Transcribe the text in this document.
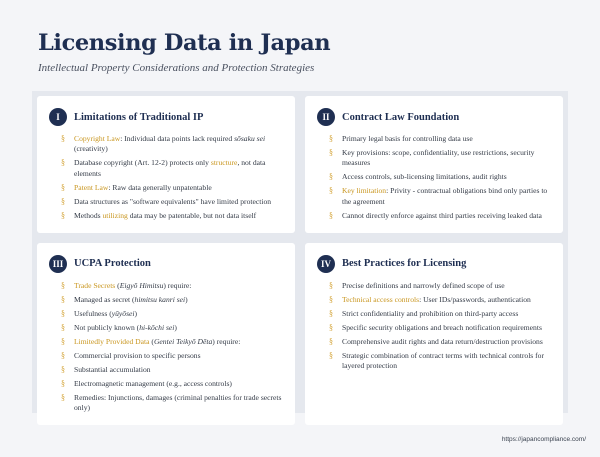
Licensing Data in Japan
Intellectual Property Considerations and Protection Strategies
I	Limitations of Traditional IP
§	Copyright Law: Individual data points lack required sōsaku sei (creativity)
§	Database copyright (Art. 12-2) protects only structure, not data elements
§	Patent Law: Raw data generally unpatentable
§	Data structures as "software equivalents" have limited protection
§	Methods utilizing data may be patentable, but not data itself
II	Contract Law Foundation
§	Primary legal basis for controlling data use
§	Key provisions: scope, confidentiality, use restrictions, security measures
§	Access controls, sub-licensing limitations, audit rights
§	Key limitation: Privity - contractual obligations bind only parties to the agreement
§	Cannot directly enforce against third parties receiving leaked data
III	UCPA Protection
§	Trade Secrets (Eigyō Himitsu) require:
§	Managed as secret (himitsu kanri sei)
§	Usefulness (yūyōsei)
§	Not publicly known (hi-kōchi sei)
§	Limitedly Provided Data (Gentei Teikyō Dēta) require:
§	Commercial provision to specific persons
§	Substantial accumulation
§	Electromagnetic management (e.g., access controls)
§	Remedies: Injunctions, damages (criminal penalties for trade secrets only)
IV	Best Practices for Licensing
§	Precise definitions and narrowly defined scope of use
§	Technical access controls: User IDs/passwords, authentication
§	Strict confidentiality and prohibition on third-party access
§	Specific security obligations and breach notification requirements
§	Comprehensive audit rights and data return/destruction provisions
§	Strategic combination of contract terms with technical controls for layered protection
https://japancompliance.com/
